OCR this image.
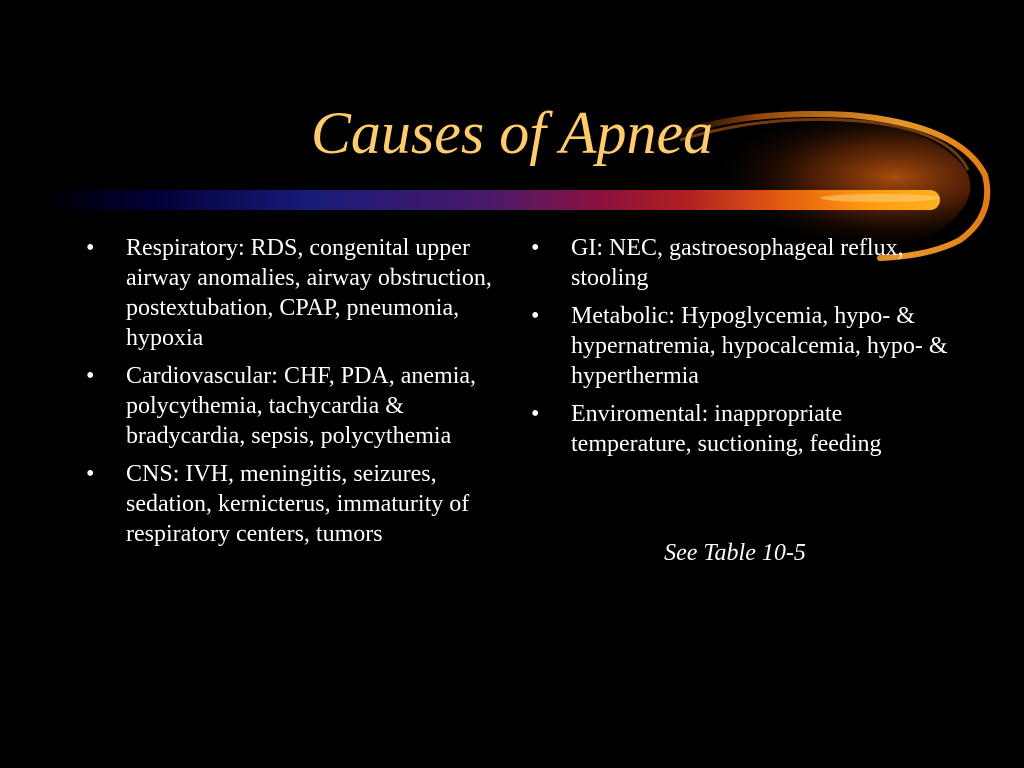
Causes of Apnea
•	Respiratory: RDS, congenital upper airway anomalies, airway obstruction, postextubation, CPAP, pneumonia, hypoxia
•	Cardiovascular: CHF, PDA, anemia, polycythemia, tachycardia & bradycardia, sepsis, polycythemia
•	CNS: IVH, meningitis, seizures, sedation, kernicterus, immaturity of respiratory centers, tumors
•	GI: NEC, gastroesophageal reflux, stooling
•	Metabolic: Hypoglycemia, hypo- & hypernatremia, hypocalcemia, hypo- & hyperthermia
•	Enviromental: inappropriate temperature, suctioning, feeding
See Table 10-5
